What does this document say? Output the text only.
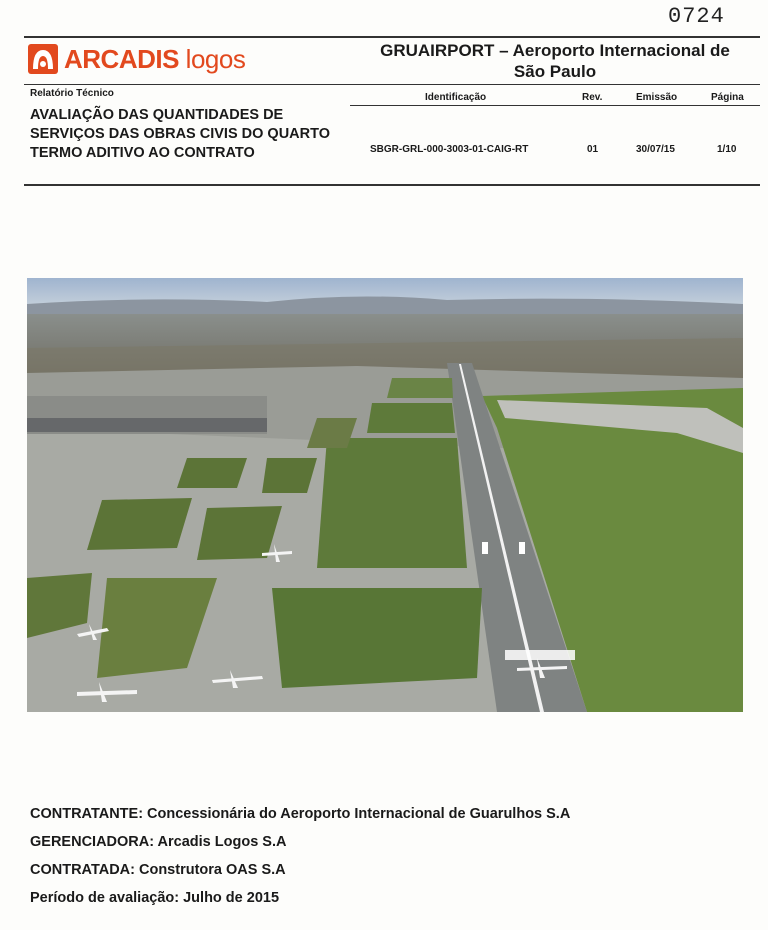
0724
ARCADIS logos	GRUAIRPORT – Aeroporto Internacional de
São Paulo
Relatório Técnico
AVALIAÇÃO DAS QUANTIDADES DE SERVIÇOS DAS OBRAS CIVIS DO QUARTO TERMO ADITIVO AO CONTRATO
Identificação	Rev.	Emissão	Página
SBGR-GRL-000-3003-01-CAIG-RT	01	30/07/15	1/10
CONTRATANTE: Concessionária do Aeroporto Internacional de Guarulhos S.A
GERENCIADORA: Arcadis Logos S.A
CONTRATADA: Construtora OAS S.A
Período de avaliação: Julho de 2015
